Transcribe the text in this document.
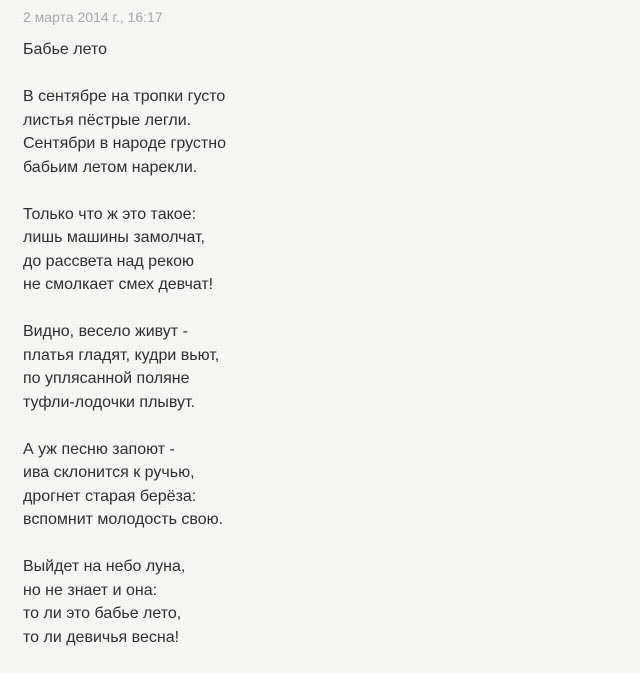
2 марта 2014 г., 16:17
Бабье лето
В сентябре на тропки густо
листья пёстрые легли.
Сентябри в народе грустно
бабьим летом нарекли.
Только что ж это такое:
лишь машины замолчат,
до рассвета над рекою
не смолкает смех девчат!
Видно, весело живут -
платья гладят, кудри вьют,
по уплясанной поляне
туфли-лодочки плывут.
А уж песню запоют -
ива склонится к ручью,
дрогнет старая берёза:
вспомнит молодость свою.
Выйдет на небо луна,
но не знает и она:
то ли это бабье лето,
то ли девичья весна!
